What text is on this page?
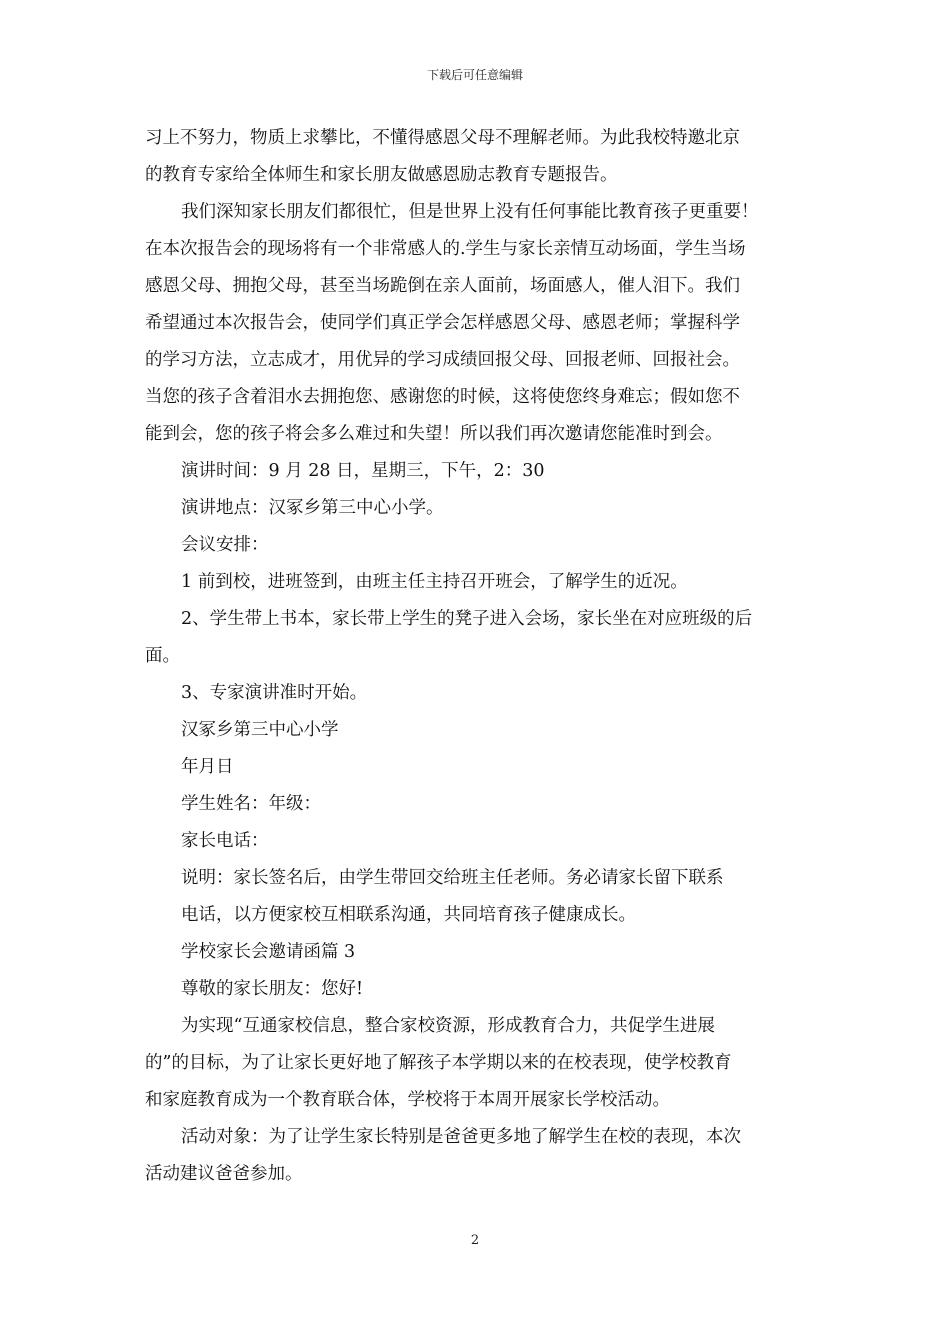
下载后可任意编辑
习上不努力，物质上求攀比，不懂得感恩父母不理解老师。为此我校特邀北京
的教育专家给全体师生和家长朋友做感恩励志教育专题报告。
我们深知家长朋友们都很忙，但是世界上没有任何事能比教育孩子更重要！
在本次报告会的现场将有一个非常感人的.学生与家长亲情互动场面，学生当场
感恩父母、拥抱父母，甚至当场跪倒在亲人面前，场面感人，催人泪下。我们
希望通过本次报告会，使同学们真正学会怎样感恩父母、感恩老师；掌握科学
的学习方法，立志成才，用优异的学习成绩回报父母、回报老师、回报社会。
当您的孩子含着泪水去拥抱您、感谢您的时候，这将使您终身难忘；假如您不
能到会，您的孩子将会多么难过和失望！所以我们再次邀请您能准时到会。
演讲时间：9 月 28 日，星期三，下午，2：30
演讲地点：汉冢乡第三中心小学。
会议安排：
1 前到校，进班签到，由班主任主持召开班会，了解学生的近况。
2、学生带上书本，家长带上学生的凳子进入会场，家长坐在对应班级的后
面。
3、专家演讲准时开始。
汉冢乡第三中心小学
年月日
学生姓名：年级：
家长电话：
说明：家长签名后，由学生带回交给班主任老师。务必请家长留下联系
电话，以方便家校互相联系沟通，共同培育孩子健康成长。
学校家长会邀请函篇 3
尊敬的家长朋友：您好!
为实现“互通家校信息，整合家校资源，形成教育合力，共促学生进展
的”的目标，为了让家长更好地了解孩子本学期以来的在校表现，使学校教育
和家庭教育成为一个教育联合体，学校将于本周开展家长学校活动。
活动对象：为了让学生家长特别是爸爸更多地了解学生在校的表现，本次
活动建议爸爸参加。
2
